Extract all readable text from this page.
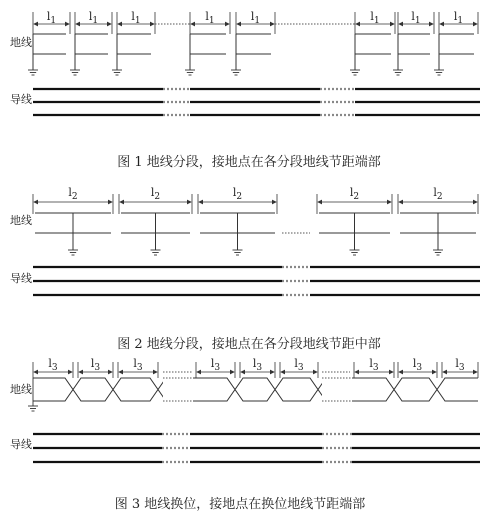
地线
导线
$l_1$	$l_1$	$l_1$	$l_1$	$l_1$	$l_1$	$l_1$	$l_1$
图 1 地线分段，接地点在各分段地线节距端部
地线
导线
$l_2$	$l_2$	$l_2$	$l_2$	$l_2$
图 2 地线分段，接地点在各分段地线节距中部
地线
导线
$l_3$	$l_3$	$l_3$	$l_3$	$l_3$	$l_3$	$l_3$	$l_3$	$l_3$
图 3 地线换位，接地点在换位地线节距端部
